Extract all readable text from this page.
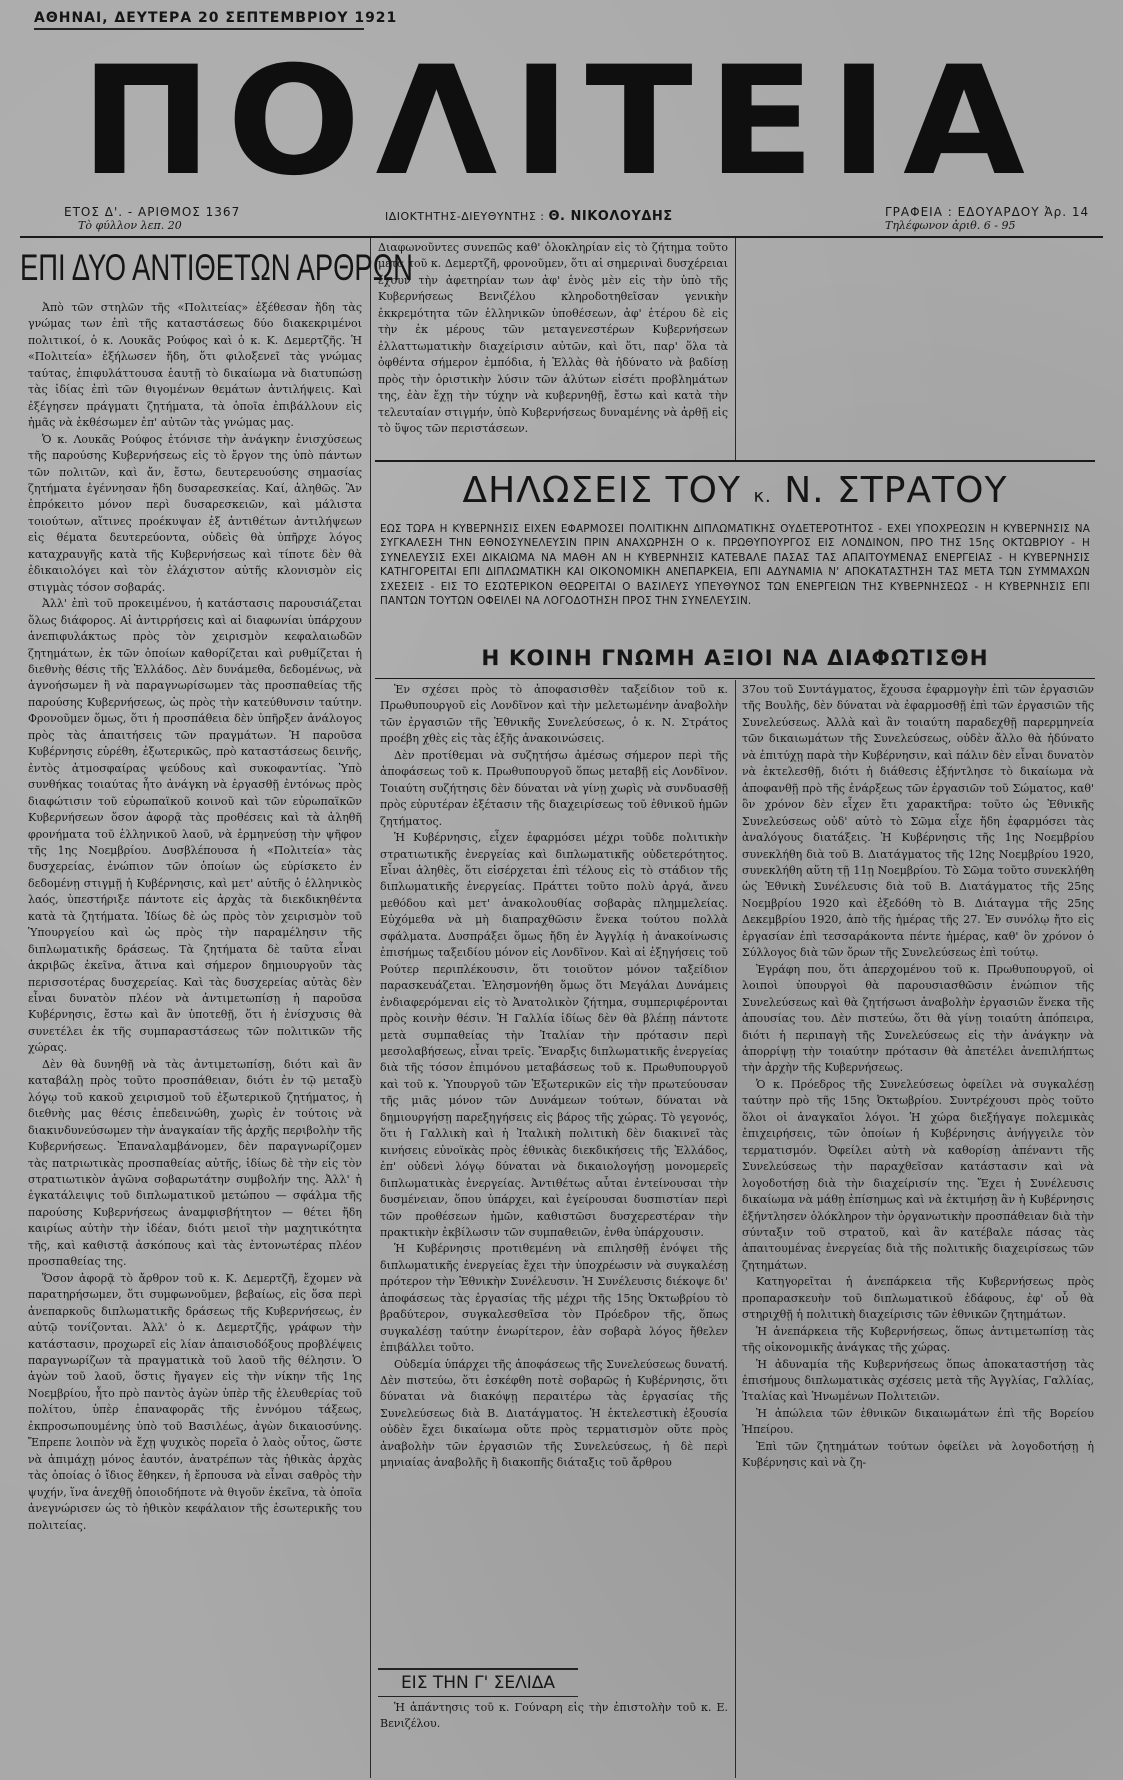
ΑΘΗΝΑΙ, ΔΕΥΤΕΡΑ 20 ΣΕΠΤΕΜΒΡΙΟΥ 1921
ΠΟΛΙΤΕΙΑ
ΕΤΟΣ Δ'. - ΑΡΙΘΜΟΣ 1367
Τὸ φύλλον λεπ. 20
ΙΔΙΟΚΤΗΤΗΣ-ΔΙΕΥΘΥΝΤΗΣ : Θ. ΝΙΚΟΛΟΥΔΗΣ	ΓΡΑΦΕΙΑ : ΕΔΟΥΑΡΔΟΥ Ἀρ. 14
Τηλέφωνον ἀριθ. 6 - 95
ΕΠΙ ΔΥΟ ΑΝΤΙΘΕΤΩΝ ΑΡΘΡΩΝ

Ἀπὸ τῶν στηλῶν τῆς «Πολιτείας» ἐξέθεσαν ἤδη τὰς γνώμας των ἐπὶ τῆς καταστάσεως δύο διακεκριμένοι πολιτικοί, ὁ κ. Λουκᾶς Ρούφος καὶ ὁ κ. Κ. Δεμερτζῆς. Ἡ «Πολιτεία» ἐξήλωσεν ἤδη, ὅτι φιλοξενεῖ τὰς γνώμας ταύτας, ἐπιφυλάττουσα ἑαυτῇ τὸ δικαίωμα νὰ διατυπώσῃ τὰς ἰδίας ἐπὶ τῶν θιγομένων θεμάτων ἀντιλήψεις. Καὶ ἐξέγησεν πράγματι ζητήματα, τὰ ὁποῖα ἐπιβάλλουν εἰς ἡμᾶς νὰ ἐκθέσωμεν ἐπ' αὐτῶν τὰς γνώμας μας.

Ὁ κ. Λουκᾶς Ρούφος ἐτόνισε τὴν ἀνάγκην ἐνισχύσεως τῆς παρούσης Κυβερνήσεως εἰς τὸ ἔργον της ὑπὸ πάντων τῶν πολιτῶν, καὶ ἄν, ἔστω, δευτερευούσης σημασίας ζητήματα ἐγέννησαν ἤδη δυσαρεσκείας. Καί, ἀληθῶς. Ἂν ἐπρόκειτο μόνον περὶ δυσαρεσκειῶν, καὶ μάλιστα τοιούτων, αἵτινες προέκυψαν ἐξ ἀντιθέτων ἀντιλήψεων εἰς θέματα δευτερεύοντα, οὐδεὶς θὰ ὑπῆρχε λόγος καταχραυγῆς κατὰ τῆς Κυβερνήσεως καὶ τίποτε δὲν θὰ ἐδικαιολόγει καὶ τὸν ἐλάχιστον αὐτῆς κλονισμὸν εἰς στιγμὰς τόσον σοβαράς.

Ἀλλ' ἐπὶ τοῦ προκειμένου, ἡ κατάστασις παρουσιάζεται ὅλως διάφορος. Αἱ ἀντιρρήσεις καὶ αἱ διαφωνίαι ὑπάρχουν ἀνεπιφυλάκτως πρὸς τὸν χειρισμὸν κεφαλαιωδῶν ζητημάτων, ἐκ τῶν ὁποίων καθορίζεται καὶ ρυθμίζεται ἡ διεθνὴς θέσις τῆς Ἑλλάδος. Δὲν δυνάμεθα, δεδομένως, νὰ ἀγνοήσωμεν ἢ νὰ παραγνωρίσωμεν τὰς προσπαθείας τῆς παρούσης Κυβερνήσεως, ὡς πρὸς τὴν κατεύθυνσιν ταύτην. Φρονοῦμεν ὅμως, ὅτι ἡ προσπάθεια δὲν ὑπῆρξεν ἀνάλογος πρὸς τὰς ἀπαιτήσεις τῶν πραγμάτων. Ἡ παροῦσα Κυβέρνησις εὑρέθη, ἐξωτερικῶς, πρὸ καταστάσεως δεινῆς, ἐντὸς ἀτμοσφαίρας ψεύδους καὶ συκοφαντίας. Ὑπὸ συνθήκας τοιαύτας ἦτο ἀνάγκη νὰ ἐργασθῇ ἐντόνως πρὸς διαφώτισιν τοῦ εὐρωπαϊκοῦ κοινοῦ καὶ τῶν εὐρωπαϊκῶν Κυβερνήσεων ὅσον ἀφορᾷ τὰς προθέσεις καὶ τὰ ἀληθῆ φρονήματα τοῦ ἑλληνικοῦ λαοῦ, νὰ ἑρμηνεύσῃ τὴν ψῆφον τῆς 1ης Νοεμβρίου. Δυσβλέπουσα ἡ «Πολιτεία» τὰς δυσχερείας, ἐνώπιον τῶν ὁποίων ὡς εὑρίσκετο ἐν δεδομένῃ στιγμῇ ἡ Κυβέρνησις, καὶ μετ' αὐτῆς ὁ ἑλληνικὸς λαός, ὑπεστήριξε πάντοτε εἰς ἀρχὰς τὰ διεκδικηθέντα κατὰ τὰ ζητήματα. Ἰδίως δὲ ὡς πρὸς τὸν χειρισμὸν τοῦ Ὑπουργείου καὶ ὡς πρὸς τὴν παραμέλησιν τῆς διπλωματικῆς δράσεως. Τὰ ζητήματα δὲ ταῦτα εἶναι ἀκριβῶς ἐκεῖνα, ἅτινα καὶ σήμερον δημιουργοῦν τὰς περισσοτέρας δυσχερείας. Καὶ τὰς δυσχερείας αὐτὰς δὲν εἶναι δυνατὸν πλέον νὰ ἀντιμετωπίσῃ ἡ παροῦσα Κυβέρνησις, ἔστω καὶ ἂν ὑποτεθῇ, ὅτι ἡ ἐνίσχυσις θὰ συνετέλει ἐκ τῆς συμπαραστάσεως τῶν πολιτικῶν τῆς χώρας.

Δὲν θὰ δυνηθῇ νὰ τὰς ἀντιμετωπίσῃ, διότι καὶ ἂν καταβάλῃ πρὸς τοῦτο προσπάθειαν, διότι ἐν τῷ μεταξὺ λόγῳ τοῦ κακοῦ χειρισμοῦ τοῦ ἐξωτερικοῦ ζητήματος, ἡ διεθνὴς μας θέσις ἐπεδεινώθη, χωρὶς ἐν τούτοις νὰ διακινδυνεύσωμεν τὴν ἀναγκαίαν τῆς ἀρχῆς περιβολὴν τῆς Κυβερνήσεως. Ἐπαναλαμβάνομεν, δὲν παραγνωρίζομεν τὰς πατριωτικὰς προσπαθείας αὐτῆς, ἰδίως δὲ τὴν εἰς τὸν στρατιωτικὸν ἀγῶνα σοβαρωτάτην συμβολήν της. Ἀλλ' ἡ ἐγκατάλειψις τοῦ διπλωματικοῦ μετώπου — σφάλμα τῆς παρούσης Κυβερνήσεως ἀναμφισβήτητον — θέτει ἤδη καιρίως αὐτὴν τὴν ἰδέαν, διότι μειοῖ τὴν μαχητικότητα τῆς, καὶ καθιστᾷ ἀσκόπους καὶ τὰς ἐντονωτέρας πλέον προσπαθείας της.

Ὅσον ἀφορᾷ τὸ ἄρθρον τοῦ κ. Κ. Δεμερτζῆ, ἔχομεν νὰ παρατηρήσωμεν, ὅτι συμφωνοῦμεν, βεβαίως, εἰς ὅσα περὶ ἀνεπαρκοῦς διπλωματικῆς δράσεως τῆς Κυβερνήσεως, ἐν αὐτῷ τονίζονται. Ἀλλ' ὁ κ. Δεμερτζῆς, γράφων τὴν κατάστασιν, προχωρεῖ εἰς λίαν ἀπαισιοδόξους προβλέψεις παραγνωρίζων τὰ πραγματικὰ τοῦ λαοῦ τῆς θέλησιν. Ὁ ἀγὼν τοῦ λαοῦ, ὅστις ἤγαγεν εἰς τὴν νίκην τῆς 1ης Νοεμβρίου, ἦτο πρὸ παντὸς ἀγὼν ὑπὲρ τῆς ἐλευθερίας τοῦ πολίτου, ὑπὲρ ἐπαναφορᾶς τῆς ἐννόμου τάξεως, ἐκπροσωπουμένης ὑπὸ τοῦ Βασιλέως, ἀγὼν δικαιοσύνης. Ἔπρεπε λοιπὸν νὰ ἔχῃ ψυχικὸς πορεῖα ὁ λαὸς οὗτος, ὥστε νὰ ἀπιμάχῃ μόνος ἑαυτόν, ἀνατρέπων τὰς ἠθικὰς ἀρχὰς τὰς ὁποίας ὁ ἴδιος ἔθηκεν, ἡ ἔρπουσα νὰ εἶναι σαθρὸς τὴν ψυχήν, ἵνα ἀνεχθῇ ὁποιοδήποτε νὰ θιγοῦν ἐκεῖνα, τὰ ὁποῖα ἀνεγνώρισεν ὡς τὸ ἠθικὸν κεφάλαιον τῆς ἐσωτερικῆς του πολιτείας.

Διαφωνοῦντες συνεπῶς καθ' ὁλοκληρίαν εἰς τὸ ζήτημα τοῦτο μετὰ τοῦ κ. Δεμερτζῆ, φρονοῦμεν, ὅτι αἱ σημεριναὶ δυσχέρειαι ἔχουν τὴν ἀφετηρίαν των ἀφ' ἑνὸς μὲν εἰς τὴν ὑπὸ τῆς Κυβερνήσεως Βενιζέλου κληροδοτηθεῖσαν γενικὴν ἐκκρεμότητα τῶν ἑλληνικῶν ὑποθέσεων, ἀφ' ἑτέρου δὲ εἰς τὴν ἐκ μέρους τῶν μεταγενεστέρων Κυβερνήσεων ἐλλαττωματικὴν διαχείρισιν αὐτῶν, καὶ ὅτι, παρ' ὅλα τὰ ὀφθέντα σήμερον ἐμπόδια, ἡ Ἑλλὰς θὰ ἠδύνατο νὰ βαδίσῃ πρὸς τὴν ὁριστικὴν λύσιν τῶν ἀλύτων εἰσέτι προβλημάτων της, ἐὰν ἔχῃ τὴν τύχην νὰ κυβερνηθῇ, ἔστω καὶ κατὰ τὴν τελευταίαν στιγμήν, ὑπὸ Κυβερνήσεως δυναμένης νὰ ἀρθῇ εἰς τὸ ὕψος τῶν περιστάσεων.

ΔΗΛΩΣΕΙΣ ΤΟΥ κ. Ν. ΣΤΡΑΤΟΥ
ΕΩΣ ΤΩΡΑ Η ΚΥΒΕΡΝΗΣΙΣ ΕΙΧΕΝ ΕΦΑΡΜΟΣΕΙ ΠΟΛΙΤΙΚΗΝ ΔΙΠΛΩΜΑΤΙΚΗΣ ΟΥΔΕΤΕΡΟΤΗΤΟΣ - ΕΧΕΙ ΥΠΟΧΡΕΩΣΙΝ Η ΚΥΒΕΡΝΗΣΙΣ ΝΑ ΣΥΓΚΑΛΕΣΗ ΤΗΝ ΕΘΝΟΣΥΝΕΛΕΥΣΙΝ ΠΡΙΝ ΑΝΑΧΩΡΗΣΗ Ο κ. ΠΡΩΘΥΠΟΥΡΓΟΣ ΕΙΣ ΛΟΝΔΙΝΟΝ, ΠΡΟ ΤΗΣ 15ης ΟΚΤΩΒΡΙΟΥ - Η ΣΥΝΕΛΕΥΣΙΣ ΕΧΕΙ ΔΙΚΑΙΩΜΑ ΝΑ ΜΑΘΗ ΑΝ Η ΚΥΒΕΡΝΗΣΙΣ ΚΑΤΕΒΑΛΕ ΠΑΣΑΣ ΤΑΣ ΑΠΑΙΤΟΥΜΕΝΑΣ ΕΝΕΡΓΕΙΑΣ - Η ΚΥΒΕΡΝΗΣΙΣ ΚΑΤΗΓΟΡΕΙΤΑΙ ΕΠΙ ΔΙΠΛΩΜΑΤΙΚΗ ΚΑΙ ΟΙΚΟΝΟΜΙΚΗ ΑΝΕΠΑΡΚΕΙΑ, ΕΠΙ ΑΔΥΝΑΜΙΑ Ν' ΑΠΟΚΑΤΑΣΤΗΣΗ ΤΑΣ ΜΕΤΑ ΤΩΝ ΣΥΜΜΑΧΩΝ ΣΧΕΣΕΙΣ - ΕΙΣ ΤΟ ΕΣΩΤΕΡΙΚΟΝ ΘΕΩΡΕΙΤΑΙ Ο ΒΑΣΙΛΕΥΣ ΥΠΕΥΘΥΝΟΣ ΤΩΝ ΕΝΕΡΓΕΙΩΝ ΤΗΣ ΚΥΒΕΡΝΗΣΕΩΣ - Η ΚΥΒΕΡΝΗΣΙΣ ΕΠΙ ΠΑΝΤΩΝ ΤΟΥΤΩΝ ΟΦΕΙΛΕΙ ΝΑ ΛΟΓΟΔΟΤΗΣΗ ΠΡΟΣ ΤΗΝ ΣΥΝΕΛΕΥΣΙΝ.
Η ΚΟΙΝΗ ΓΝΩΜΗ ΑΞΙΟΙ ΝΑ ΔΙΑΦΩΤΙΣΘΗ

Ἐν σχέσει πρὸς τὸ ἀποφασισθὲν ταξείδιον τοῦ κ. Πρωθυπουργοῦ εἰς Λονδῖνον καὶ τὴν μελετωμένην ἀναβολὴν τῶν ἐργασιῶν τῆς Ἐθνικῆς Συνελεύσεως, ὁ κ. Ν. Στράτος προέβη χθὲς εἰς τὰς ἑξῆς ἀνακοινώσεις.

Δὲν προτίθεμαι νὰ συζητήσω ἀμέσως σήμερον περὶ τῆς ἀποφάσεως τοῦ κ. Πρωθυπουργοῦ ὅπως μεταβῇ εἰς Λονδῖνον. Τοιαύτη συζήτησις δὲν δύναται νὰ γίνῃ χωρὶς νὰ συνδυασθῇ πρὸς εὐρυτέραν ἐξέτασιν τῆς διαχειρίσεως τοῦ ἐθνικοῦ ἡμῶν ζητήματος.

Ἡ Κυβέρνησις, εἶχεν ἐφαρμόσει μέχρι τοῦδε πολιτικὴν στρατιωτικῆς ἐνεργείας καὶ διπλωματικῆς οὐδετερότητος. Εἶναι ἀληθὲς, ὅτι εἰσέρχεται ἐπὶ τέλους εἰς τὸ στάδιον τῆς διπλωματικῆς ἐνεργείας. Πράττει τοῦτο πολὺ ἀργά, ἄνευ μεθόδου καὶ μετ' ἀνακολουθίας σοβαρὰς πλημμελείας. Εὐχόμεθα νὰ μὴ διαπραχθῶσιν ἕνεκα τούτου πολλὰ σφάλματα. Δυσπράξει ὅμως ἤδη ἐν Ἀγγλίᾳ ἡ ἀνακοίνωσις ἐπισήμως ταξειδίου μόνον εἰς Λονδῖνον. Καὶ αἱ ἐξηγήσεις τοῦ Ρούτερ περιπλέκουσιν, ὅτι τοιοῦτον μόνον ταξείδιον παρασκευάζεται. Ἐλησμονήθη ὅμως ὅτι Μεγάλαι Δυνάμεις ἐνδιαφερόμεναι εἰς τὸ Ἀνατολικὸν ζήτημα, συμπεριφέρονται πρὸς κοινὴν θέσιν. Ἡ Γαλλία ἰδίως δὲν θὰ βλέπῃ πάντοτε μετὰ συμπαθείας τὴν Ἰταλίαν τὴν πρότασιν περὶ μεσολαβήσεως, εἶναι τρεῖς. Ἔναρξις διπλωματικῆς ἐνεργείας διὰ τῆς τόσον ἐπιμόνου μεταβάσεως τοῦ κ. Πρωθυπουργοῦ καὶ τοῦ κ. Ὑπουργοῦ τῶν Ἐξωτερικῶν εἰς τὴν πρωτεύουσαν τῆς μιᾶς μόνον τῶν Δυνάμεων τούτων, δύναται νὰ δημιουργήσῃ παρεξηγήσεις εἰς βάρος τῆς χώρας. Τὸ γεγονός, ὅτι ἡ Γαλλικὴ καὶ ἡ Ἰταλικὴ πολιτικὴ δὲν διακινεῖ τὰς κινήσεις εὐνοϊκὰς πρὸς ἐθνικὰς διεκδικήσεις τῆς Ἑλλάδος, ἐπ' οὐδενὶ λόγῳ δύναται νὰ δικαιολογήσῃ μονομερεῖς διπλωματικὰς ἐνεργείας. Ἀντιθέτως αὗται ἐντείνουσαι τὴν δυσμένειαν, ὅπου ὑπάρχει, καὶ ἐγείρουσαι δυσπιστίαν περὶ τῶν προθέσεων ἡμῶν, καθιστῶσι δυσχερεστέραν τὴν πρακτικὴν ἐκβίλωσιν τῶν συμπαθειῶν, ἐνθα ὑπάρχουσιν.

Ἡ Κυβέρνησις προτιθεμένη νὰ επιλησθῇ ἐνόψει τῆς διπλωματικῆς ἐνεργείας ἔχει τὴν ὑποχρέωσιν νὰ συγκαλέσῃ πρότερον τὴν Ἐθνικὴν Συνέλευσιν. Ἡ Συνέλευσις διέκοψε δι' ἀποφάσεως τὰς ἐργασίας τῆς μέχρι τῆς 15ης Ὀκτωβρίου τὸ βραδύτερον, συγκαλεσθεῖσα τὸν Πρόεδρον τῆς, ὅπως συγκαλέσῃ ταύτην ἐνωρίτερον, ἐὰν σοβαρὰ λόγος ἤθελεν ἐπιβάλλει τοῦτο.

Οὐδεμία ὑπάρχει τῆς ἀποφάσεως τῆς Συνελεύσεως δυνατή. Δὲν πιστεύω, ὅτι ἐσκέφθη ποτὲ σοβαρῶς ἡ Κυβέρνησις, ὅτι δύναται νὰ διακόψῃ περαιτέρω τὰς ἐργασίας τῆς Συνελεύσεως διὰ Β. Διατάγματος. Ἡ ἐκτελεστικὴ ἐξουσία οὐδὲν ἔχει δικαίωμα οὔτε πρὸς τερματισμὸν οὔτε πρὸς ἀναβολὴν τῶν ἐργασιῶν τῆς Συνελεύσεως, ἡ δὲ περὶ μηνιαίας ἀναβολῆς ἢ διακοπῆς διάταξις τοῦ ἄρθρου

37ου τοῦ Συντάγματος, ἔχουσα ἐφαρμογὴν ἐπὶ τῶν ἐργασιῶν τῆς Βουλῆς, δὲν δύναται νὰ ἐφαρμοσθῇ ἐπὶ τῶν ἐργασιῶν τῆς Συνελεύσεως. Ἀλλὰ καὶ ἂν τοιαύτη παραδεχθῇ παρερμηνεία τῶν δικαιωμάτων τῆς Συνελεύσεως, οὐδὲν ἄλλο θὰ ἠδύνατο νὰ ἐπιτύχῃ παρὰ τὴν Κυβέρνησιν, καὶ πάλιν δὲν εἶναι δυνατὸν νὰ ἐκτελεσθῇ, διότι ἡ διάθεσις ἐξήντλησε τὸ δικαίωμα νὰ ἀποφανθῇ πρὸ τῆς ἐνάρξεως τῶν ἐργασιῶν τοῦ Σώματος, καθ' ὃν χρόνον δὲν εἶχεν ἔτι χαρακτῆρα: τοῦτο ὡς Ἐθνικῆς Συνελεύσεως οὐδ' αὐτὸ τὸ Σῶμα εἶχε ἤδη ἐφαρμόσει τὰς ἀναλόγους διατάξεις. Ἡ Κυβέρνησις τῆς 1ης Νοεμβρίου συνεκλήθη διὰ τοῦ Β. Διατάγματος τῆς 12ης Νοεμβρίου 1920, συνεκλήθη αὕτη τῇ 11ῃ Νοεμβρίου. Τὸ Σῶμα τοῦτο συνεκλήθη ὡς Ἐθνικὴ Συνέλευσις διὰ τοῦ Β. Διατάγματος τῆς 25ης Νοεμβρίου 1920 καὶ ἐξεδόθη τὸ Β. Διάταγμα τῆς 25ης Δεκεμβρίου 1920, ἀπὸ τῆς ἡμέρας τῆς 27. Ἐν συνόλῳ ἤτο εἰς ἐργασίαν ἐπὶ τεσσαράκοντα πέντε ἡμέρας, καθ' ὃν χρόνον ὁ Σύλλογος διὰ τῶν ὅρων τῆς Συνελεύσεως ἐπὶ τούτῳ.

Ἐγράφη που, ὅτι ἀπερχομένου τοῦ κ. Πρωθυπουργοῦ, οἱ λοιποὶ ὑπουργοὶ θὰ παρουσιασθῶσιν ἐνώπιον τῆς Συνελεύσεως καὶ θὰ ζητήσωσι ἀναβολὴν ἐργασιῶν ἕνεκα τῆς ἀπουσίας του. Δὲν πιστεύω, ὅτι θὰ γίνῃ τοιαύτη ἀπόπειρα, διότι ἡ περιπαγὴ τῆς Συνελεύσεως εἰς τὴν ἀνάγκην νὰ ἀπορρίψῃ τὴν τοιαύτην πρότασιν θὰ ἀπετέλει ἀνεπιλήπτως τὴν ἀρχὴν τῆς Κυβερνήσεως.

Ὁ κ. Πρόεδρος τῆς Συνελεύσεως ὀφείλει νὰ συγκαλέσῃ ταύτην πρὸ τῆς 15ης Ὀκτωβρίου. Συντρέχουσι πρὸς τοῦτο ὅλοι οἱ ἀναγκαῖοι λόγοι. Ἡ χώρα διεξήγαγε πολεμικὰς ἐπιχειρήσεις, τῶν ὁποίων ἡ Κυβέρνησις ἀνήγγειλε τὸν τερματισμόν. Ὀφείλει αὐτὴ νὰ καθορίσῃ ἀπέναντι τῆς Συνελεύσεως τὴν παραχθεῖσαν κατάστασιν καὶ νὰ λογοδοτήσῃ διὰ τὴν διαχείρισίν της. Ἔχει ἡ Συνέλευσις δικαίωμα νὰ μάθῃ ἐπίσημως καὶ νὰ ἐκτιμήσῃ ἂν ἡ Κυβέρνησις ἐξήντλησεν ὁλόκληρον τὴν ὀργανωτικὴν προσπάθειαν διὰ τὴν σύνταξιν τοῦ στρατοῦ, καὶ ἂν κατέβαλε πάσας τὰς ἀπαιτουμένας ἐνεργείας διὰ τῆς πολιτικῆς διαχειρίσεως τῶν ζητημάτων.

Κατηγορεῖται ἡ ἀνεπάρκεια τῆς Κυβερνήσεως πρὸς προπαρασκευὴν τοῦ διπλωματικοῦ ἐδάφους, ἐφ' οὗ θὰ στηριχθῇ ἡ πολιτικὴ διαχείρισις τῶν ἐθνικῶν ζητημάτων.

Ἡ ἀνεπάρκεια τῆς Κυβερνήσεως, ὅπως ἀντιμετωπίσῃ τὰς τῆς οἰκονομικῆς ἀνάγκας τῆς χώρας.

Ἡ ἀδυναμία τῆς Κυβερνήσεως ὅπως ἀποκαταστήσῃ τὰς ἐπισήμους διπλωματικὰς σχέσεις μετὰ τῆς Ἀγγλίας, Γαλλίας, Ἰταλίας καὶ Ἡνωμένων Πολιτειῶν.

Ἡ ἀπώλεια τῶν ἐθνικῶν δικαιωμάτων ἐπὶ τῆς Βορείου Ἠπείρου.

Ἐπὶ τῶν ζητημάτων τούτων ὀφείλει νὰ λογοδοτήσῃ ἡ Κυβέρνησις καὶ νὰ ζη-

ΕΙΣ ΤΗΝ Γ' ΣΕΛΙΔΑ

Ἡ ἀπάντησις τοῦ κ. Γούναρη εἰς τὴν ἐπιστολὴν τοῦ κ. Ε. Βενιζέλου.
